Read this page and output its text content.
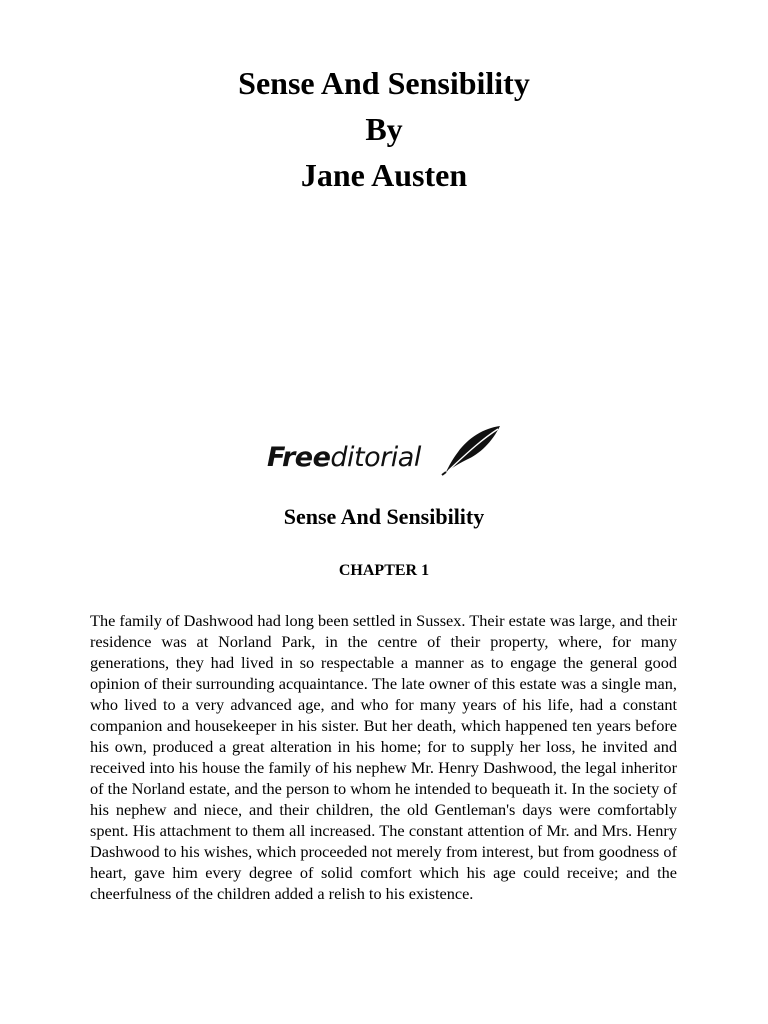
Sense And Sensibility
By
Jane Austen
Freeditorial
Sense And Sensibility
CHAPTER 1

The family of Dashwood had long been settled in Sussex. Their estate was large, and their residence was at Norland Park, in the centre of their property, where, for many generations, they had lived in so respectable a manner as to engage the general good opinion of their surrounding acquaintance. The late owner of this estate was a single man, who lived to a very advanced age, and who for many years of his life, had a constant companion and housekeeper in his sister. But her death, which happened ten years before his own, produced a great alteration in his home; for to supply her loss, he invited and received into his house the family of his nephew Mr. Henry Dashwood, the legal inheritor of the Norland estate, and the person to whom he intended to bequeath it. In the society of his nephew and niece, and their children, the old Gentleman's days were comfortably spent. His attachment to them all increased. The constant attention of Mr. and Mrs. Henry Dashwood to his wishes, which proceeded not merely from interest, but from goodness of heart, gave him every degree of solid comfort which his age could receive; and the cheerfulness of the children added a relish to his existence.
